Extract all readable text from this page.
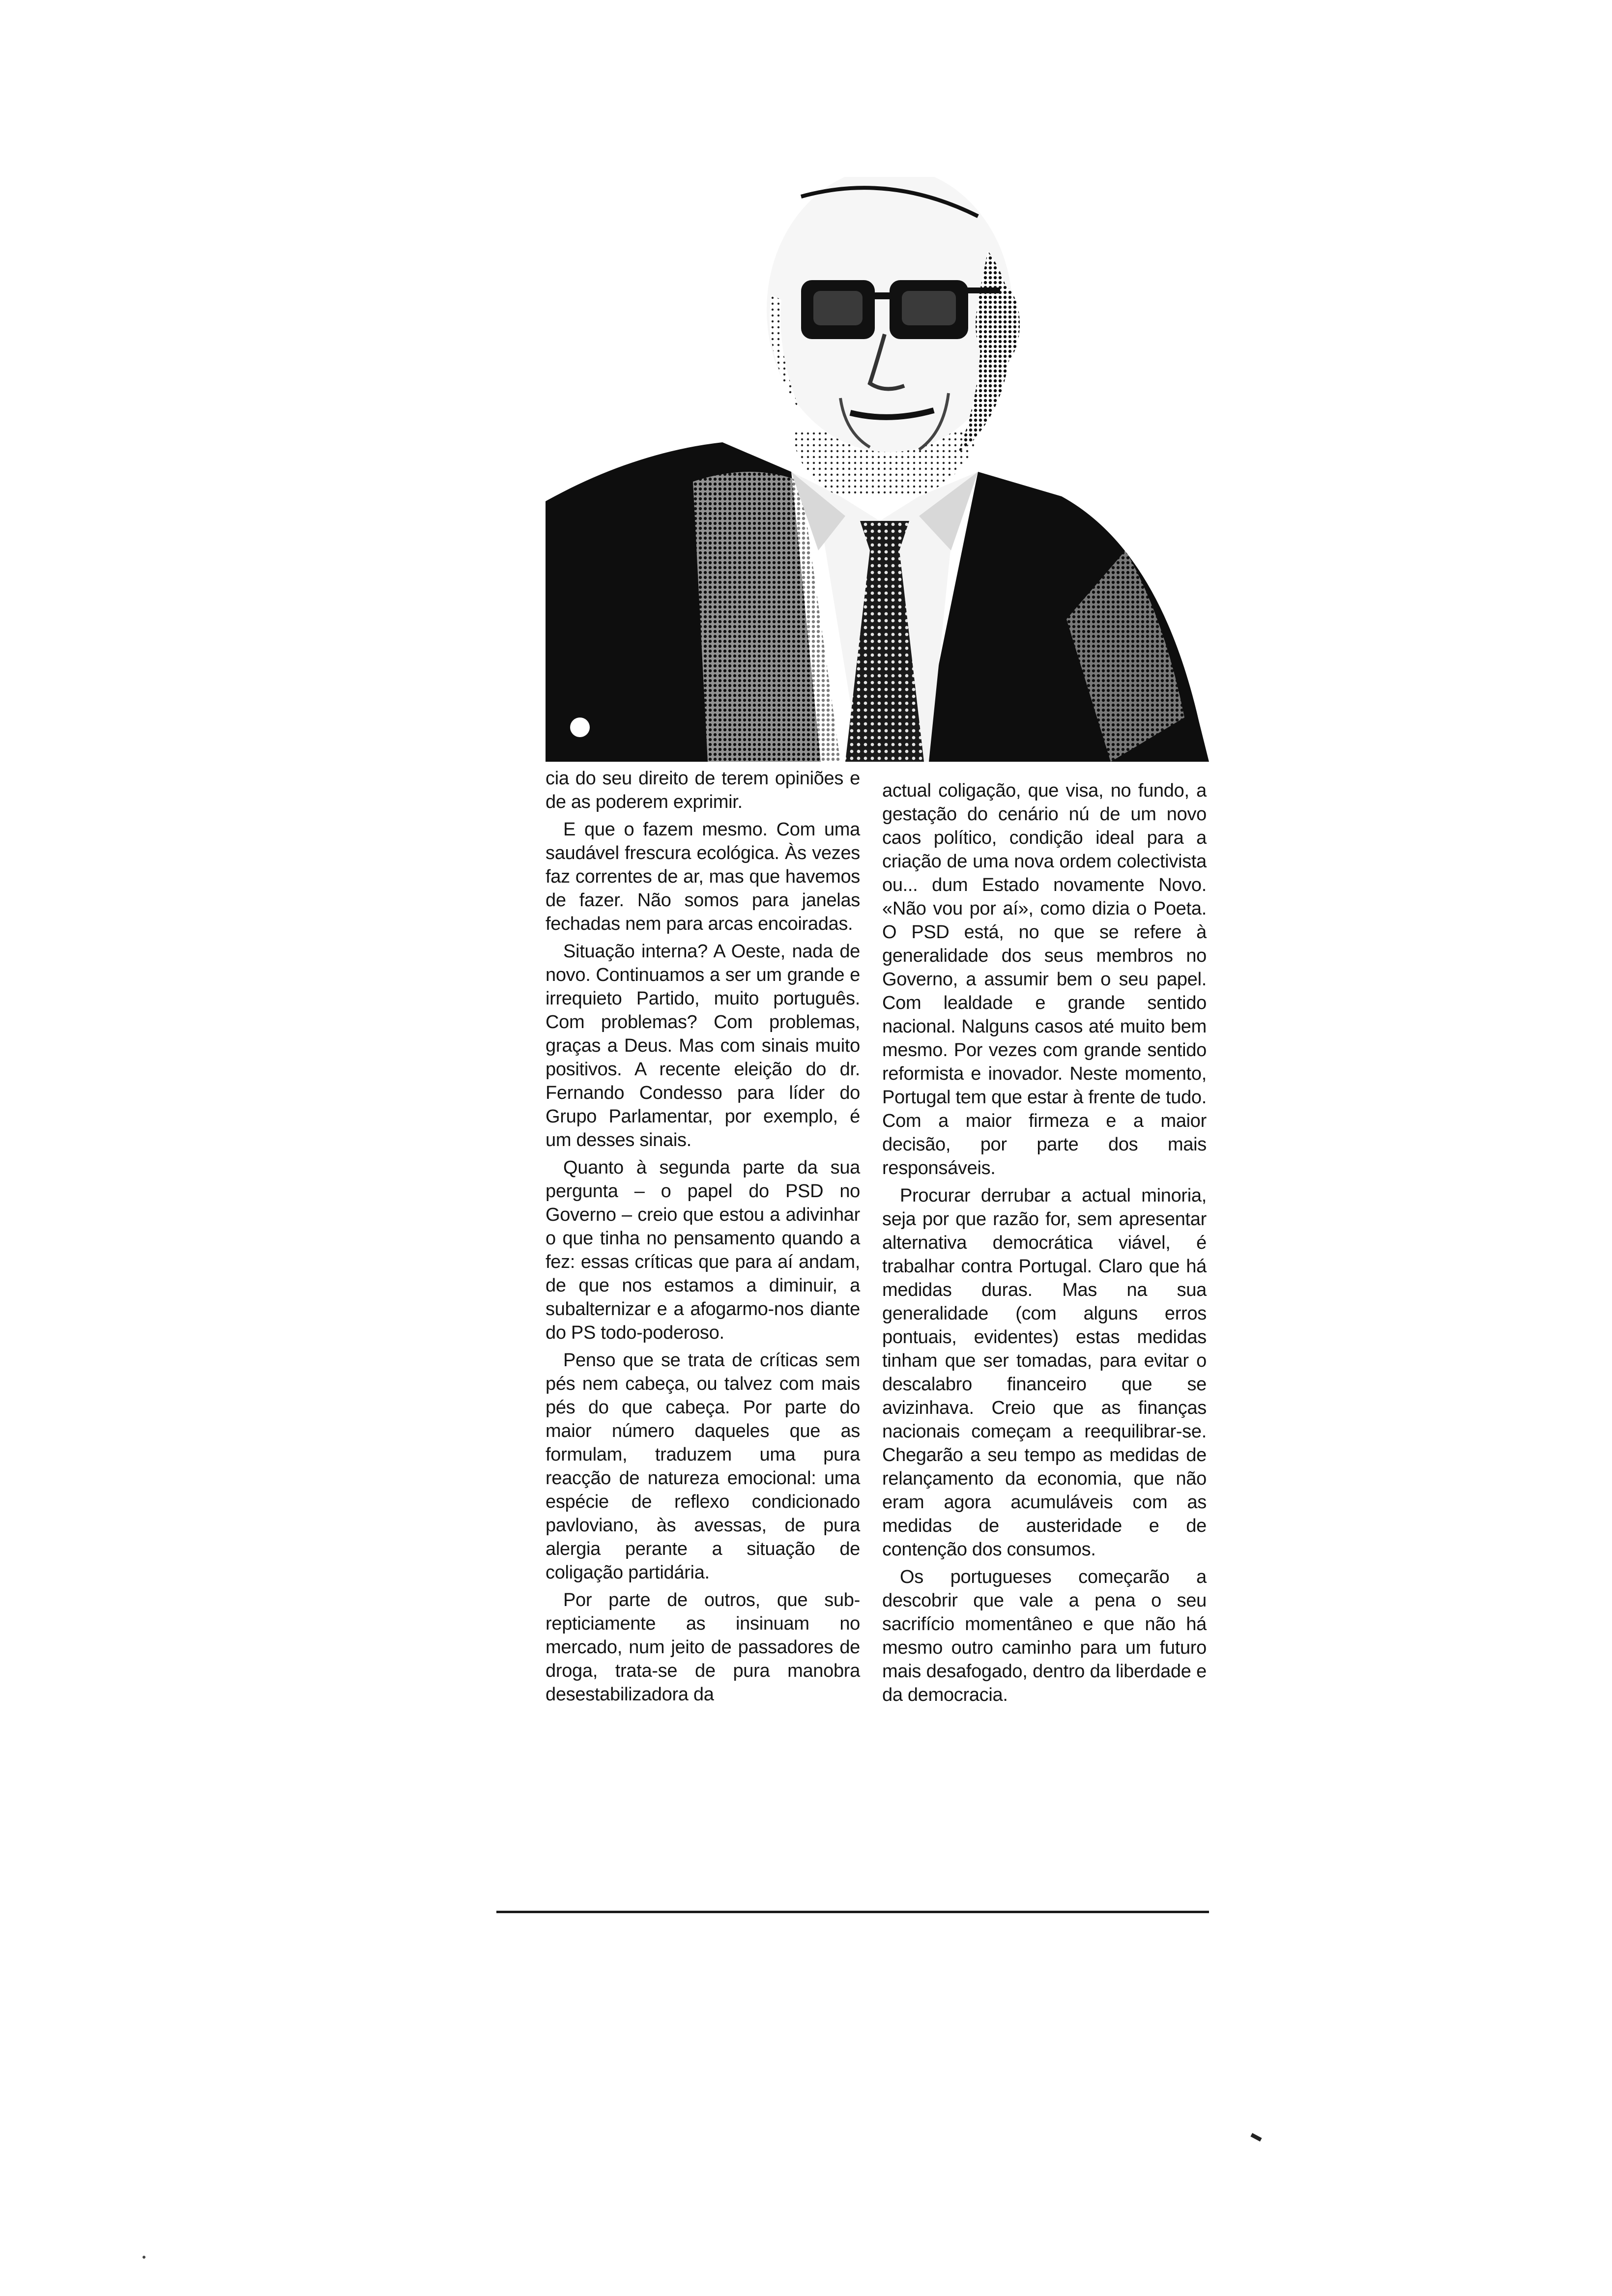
cia do seu direito de terem opiniões e de as poderem exprimir.

E que o fazem mesmo. Com uma saudável frescura ecológica. Às vezes faz correntes de ar, mas que havemos de fazer. Não somos para janelas fechadas nem para arcas encoiradas.

Situação interna? A Oeste, nada de novo. Continuamos a ser um grande e irrequieto Partido, muito português. Com problemas? Com problemas, graças a Deus. Mas com sinais muito positivos. A recente eleição do dr. Fernando Condesso para líder do Grupo Parlamentar, por exemplo, é um desses sinais.

Quanto à segunda parte da sua pergunta – o papel do PSD no Governo – creio que estou a adivinhar o que tinha no pensamento quando a fez: essas críticas que para aí andam, de que nos estamos a diminuir, a subalternizar e a afogarmo-nos diante do PS todo-poderoso.

Penso que se trata de críticas sem pés nem cabeça, ou talvez com mais pés do que cabeça. Por parte do maior número daqueles que as formulam, traduzem uma pura reacção de natureza emocional: uma espécie de reflexo condicionado pavloviano, às avessas, de pura alergia perante a situação de coligação partidária.

Por parte de outros, que sub-repticiamente as insinuam no mercado, num jeito de passadores de droga, trata-se de pura manobra desestabilizadora da

actual coligação, que visa, no fundo, a gestação do cenário nú de um novo caos político, condição ideal para a criação de uma nova ordem colectivista ou... dum Estado novamente Novo. «Não vou por aí», como dizia o Poeta. O PSD está, no que se refere à generalidade dos seus membros no Governo, a assumir bem o seu papel. Com lealdade e grande sentido nacional. Nalguns casos até muito bem mesmo. Por vezes com grande sentido reformista e inovador. Neste momento, Portugal tem que estar à frente de tudo. Com a maior firmeza e a maior decisão, por parte dos mais responsáveis.

Procurar derrubar a actual minoria, seja por que razão for, sem apresentar alternativa democrática viável, é trabalhar contra Portugal. Claro que há medidas duras. Mas na sua generalidade (com alguns erros pontuais, evidentes) estas medidas tinham que ser tomadas, para evitar o descalabro financeiro que se avizinhava. Creio que as finanças nacionais começam a reequilibrar-se. Chegarão a seu tempo as medidas de relançamento da economia, que não eram agora acumuláveis com as medidas de austeridade e de contenção dos consumos.

Os portugueses começarão a descobrir que vale a pena o seu sacrifício momentâneo e que não há mesmo outro caminho para um futuro mais desafogado, dentro da liberdade e da democracia.
